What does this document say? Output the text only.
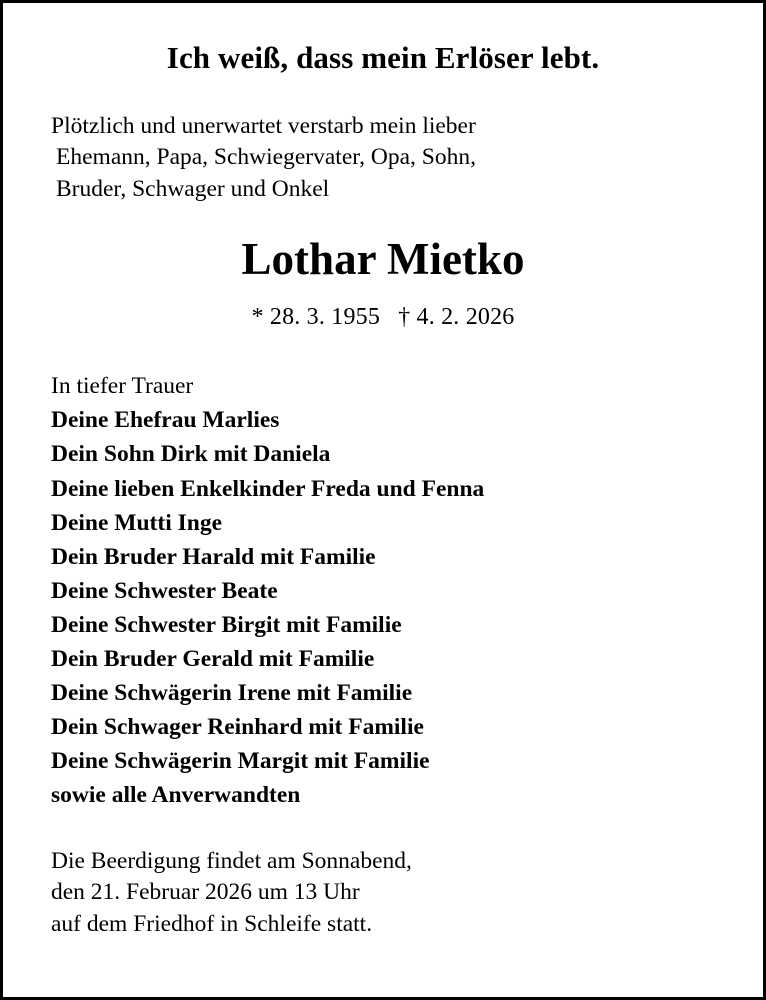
Ich weiß, dass mein Erlöser lebt.
Plötzlich und unerwartet verstarb mein lieber
Ehemann, Papa, Schwiegervater, Opa, Sohn,
Bruder, Schwager und Onkel
Lothar Mietko
* 28. 3. 1955 † 4. 2. 2026
In tiefer Trauer
Deine Ehefrau Marlies
Dein Sohn Dirk mit Daniela
Deine lieben Enkelkinder Freda und Fenna
Deine Mutti Inge
Dein Bruder Harald mit Familie
Deine Schwester Beate
Deine Schwester Birgit mit Familie
Dein Bruder Gerald mit Familie
Deine Schwägerin Irene mit Familie
Dein Schwager Reinhard mit Familie
Deine Schwägerin Margit mit Familie
sowie alle Anverwandten
Die Beerdigung findet am Sonnabend,
den 21. Februar 2026 um 13 Uhr
auf dem Friedhof in Schleife statt.
